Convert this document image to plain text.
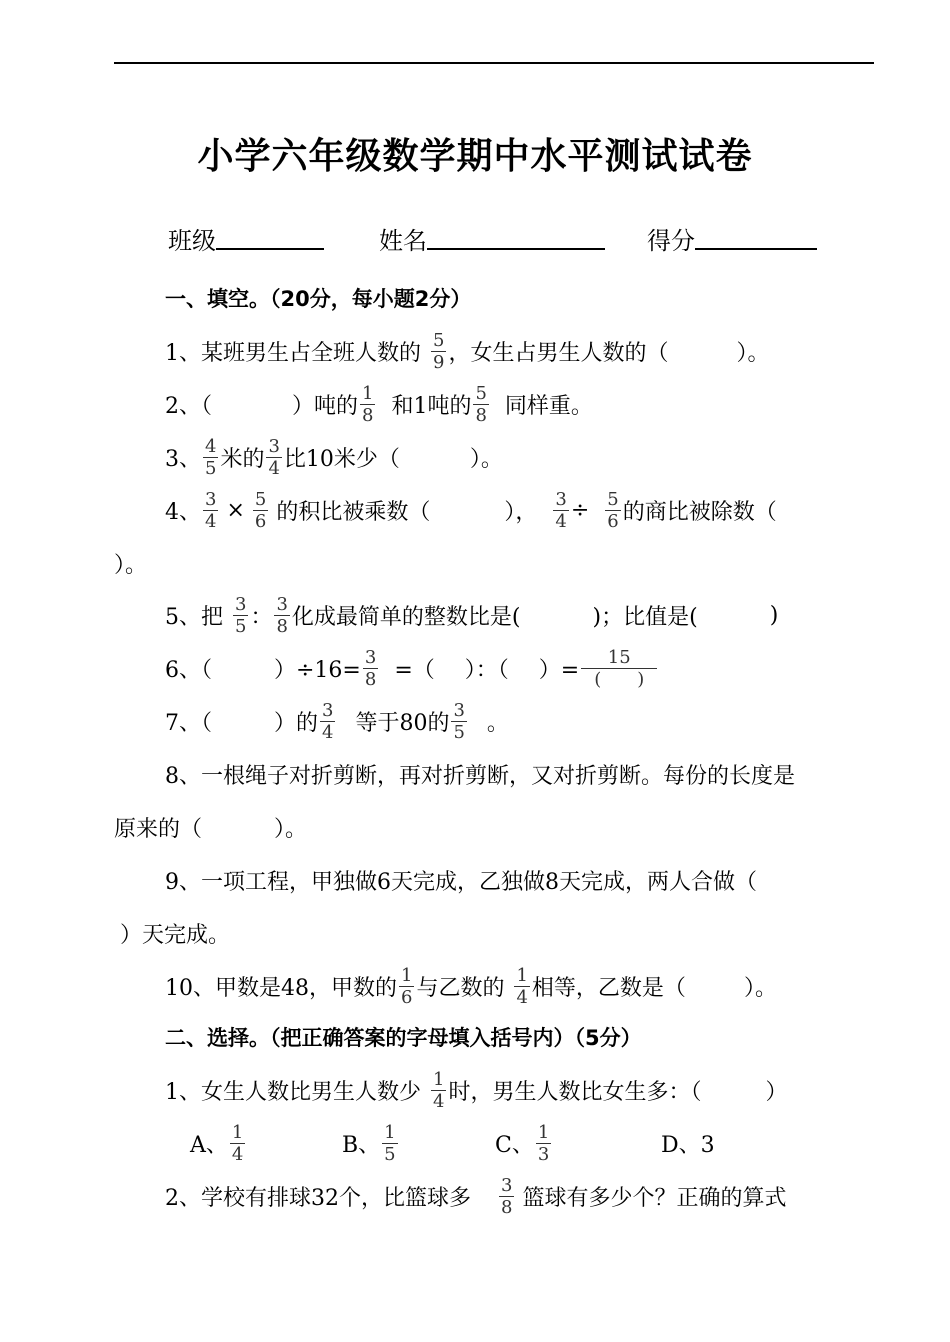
小学六年级数学期中水平测试试卷
班级	姓名	得分
一、填空。（20分，每小题2分）
1、某班男生占全班人数的 $\frac{5}{9}$ ，女生占男生人数的（	）。
2、（	）吨的 $\frac{1}{8}$ 和1吨的 $\frac{5}{8}$ 同样重。
3、 $\frac{4}{5}$ 米的 $\frac{3}{4}$ 比10米少（	）。
4、 $\frac{3}{4} \times \frac{5}{6}$ 的积比被乘数（	）， $\frac{3}{4} \div \frac{5}{6}$ 的商比被除数（
）。
5、把 $\frac{3}{5}$ ： $\frac{3}{8}$ 化成最简单的整数比是(	)；比值是(	)
6、（	）$\div 16= \frac{3}{8}$ =（ ）：（ ）= $\frac{15}{( )}$
7、（	）的 $\frac{3}{4}$ 等于80的 $\frac{3}{5}$ 。
8、一根绳子对折剪断，再对折剪断，又对折剪断。每份的长度是
原来的（	）。
9、一项工程，甲独做6天完成，乙独做8天完成，两人合做（
）天完成。
10、甲数是48，甲数的 $\frac{1}{6}$ 与乙数的 $\frac{1}{4}$ 相等，乙数是（	）。
二、选择。（把正确答案的字母填入括号内）（5分）
1、女生人数比男生人数少 $\frac{1}{4}$ 时，男生人数比女生多：（	）
A、 $\frac{1}{4}$	B、 $\frac{1}{5}$	C、 $\frac{1}{3}$	D、3
2、学校有排球32个，比篮球多 $\frac{3}{8}$ 篮球有多少个？正确的算式
